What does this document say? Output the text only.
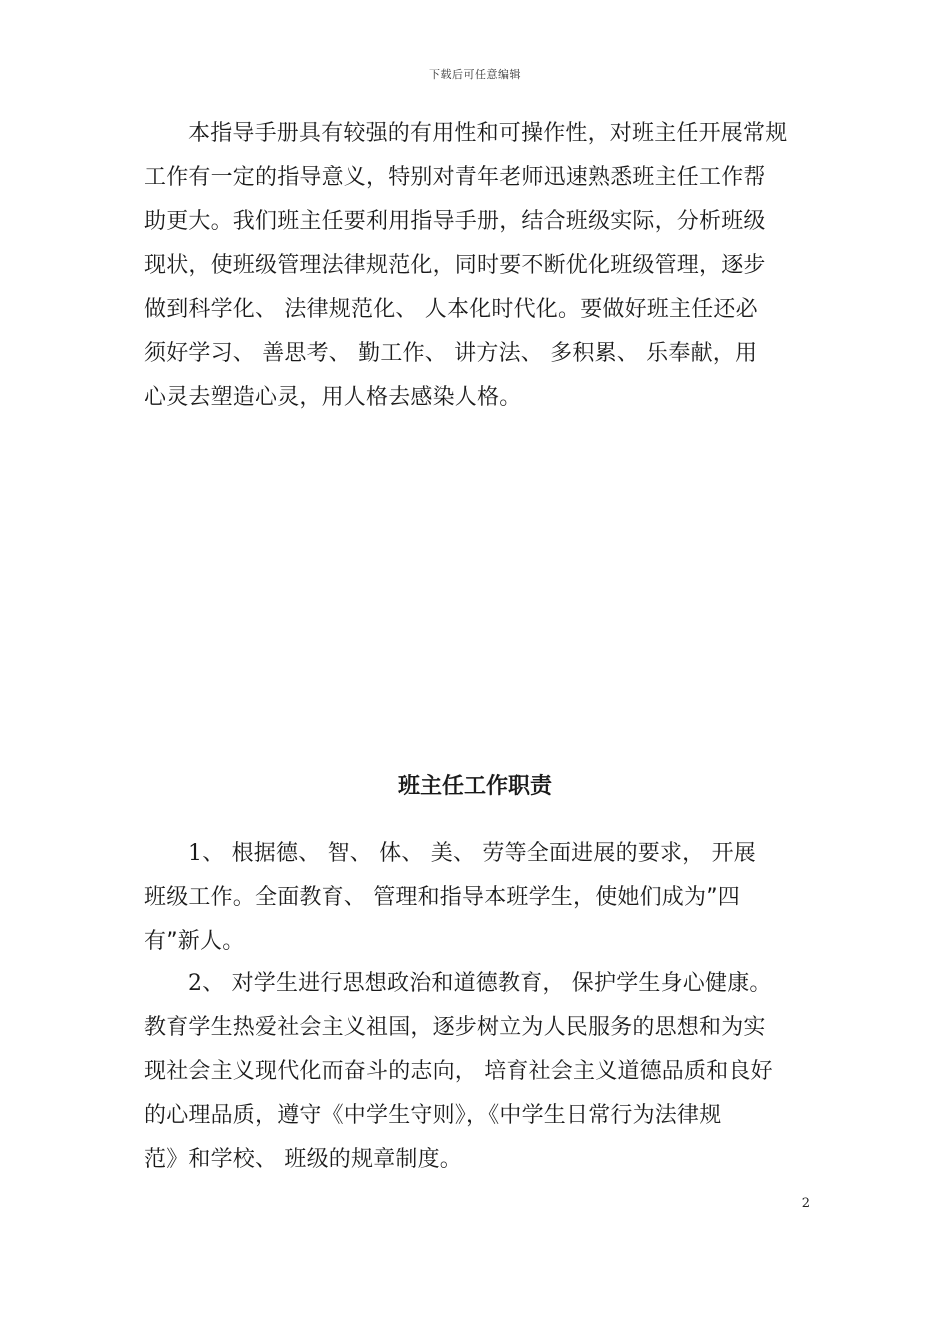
下载后可任意编辑
本指导手册具有较强的有用性和可操作性，对班主任开展常规
工作有一定的指导意义，特别对青年老师迅速熟悉班主任工作帮
助更大。我们班主任要利用指导手册，结合班级实际，分析班级
现状，使班级管理法律规范化，同时要不断优化班级管理，逐步
做到科学化、 法律规范化、 人本化时代化。要做好班主任还必
须好学习、 善思考、 勤工作、 讲方法、 多积累、 乐奉献，用
心灵去塑造心灵，用人格去感染人格。
班主任工作职责
1、 根据德、 智、 体、 美、 劳等全面进展的要求， 开展
班级工作。全面教育、 管理和指导本班学生，使她们成为”四
有”新人。
2、 对学生进行思想政治和道德教育， 保护学生身心健康。
教育学生热爱社会主义祖国，逐步树立为人民服务的思想和为实
现社会主义现代化而奋斗的志向， 培育社会主义道德品质和良好
的心理品质，遵守《中学生守则》，《中学生日常行为法律规
范》和学校、 班级的规章制度。
2
